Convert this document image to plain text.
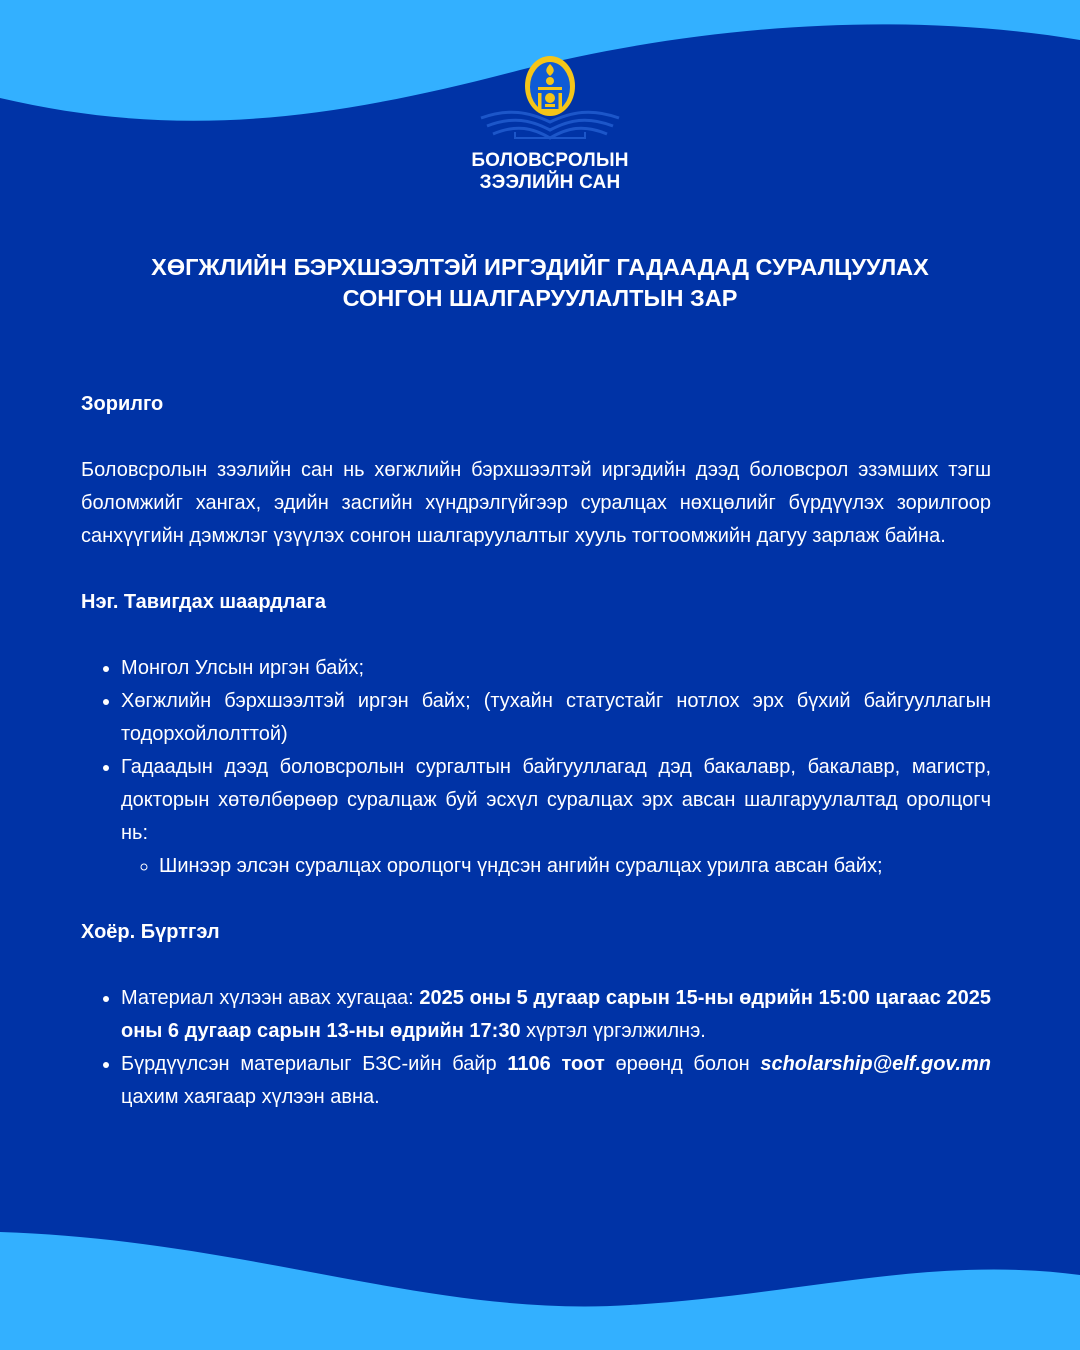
БОЛОВСРОЛЫН
ЗЭЭЛИЙН САН
ХӨГЖЛИЙН БЭРХШЭЭЛТЭЙ ИРГЭДИЙГ ГАДААДАД СУРАЛЦУУЛАХ
СОНГОН ШАЛГАРУУЛАЛТЫН ЗАР

Зорилго

Боловсролын зээлийн сан нь хөгжлийн бэрхшээлтэй иргэдийн дээд боловсрол эзэмших тэгш боломжийг хангах, эдийн засгийн хүндрэлгүйгээр суралцах нөхцөлийг бүрдүүлэх зорилгоор санхүүгийн дэмжлэг үзүүлэх сонгон шалгаруулалтыг хууль тогтоомжийн дагуу зарлаж байна.

Нэг. Тавигдах шаардлага

• Монгол Улсын иргэн байх;
• Хөгжлийн бэрхшээлтэй иргэн байх; (тухайн статустайг нотлох эрх бүхий байгууллагын тодорхойлолттой)
• Гадаадын дээд боловсролын сургалтын байгууллагад дэд бакалавр, бакалавр, магистр, докторын хөтөлбөрөөр суралцаж буй эсхүл суралцах эрх авсан шалгаруулалтад оролцогч нь:
◦ Шинээр элсэн суралцах оролцогч үндсэн ангийн суралцах урилга авсан байх;

Хоёр. Бүртгэл

• Материал хүлээн авах хугацаа: 2025 оны 5 дугаар сарын 15-ны өдрийн 15:00 цагаас 2025 оны 6 дугаар сарын 13-ны өдрийн 17:30 хүртэл үргэлжилнэ.
• Бүрдүүлсэн материалыг БЗС-ийн байр 1106 тоот өрөөнд болон scholarship@elf.gov.mn цахим хаягаар хүлээн авна.
